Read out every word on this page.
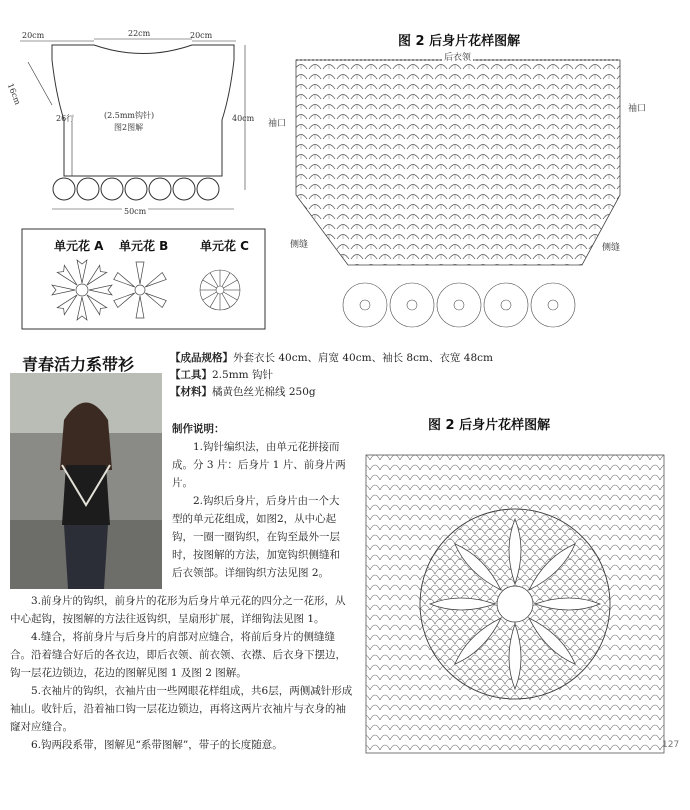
20cm	22cm	20cm
16cm
26行	40cm
50cm
(2.5mm钩针)
图2图解
单元花 A 单元花 B	单元花 C
图 2 后身片花样图解
后衣领
袖口
袖口
侧缝	侧缝
青春活力系带衫	【成品规格】外套衣长 40cm、肩宽 40cm、袖长 8cm、衣宽 48cm
【工具】2.5mm 钩针
【材料】橘黄色丝光棉线 250g
制作说明：

1.钩针编织法，由单元花拼接而成。分 3 片：后身片 1 片、前身片两片。

2.钩织后身片，后身片由一个大型的单元花组成，如图2，从中心起钩，一圈一圈钩织，在钩至最外一层时，按图解的方法，加宽钩织侧缝和后衣领部。详细钩织方法见图 2。

3.前身片的钩织，前身片的花形为后身片单元花的四分之一花形，从中心起钩，按图解的方法往返钩织，呈扇形扩展，详细钩法见图 1。

4.缝合，将前身片与后身片的肩部对应缝合，将前后身片的侧缝缝合。沿着缝合好后的各衣边，即后衣领、前衣领、衣襟、后衣身下摆边，钩一层花边锁边，花边的图解见图 1 及图 2 图解。

5.衣袖片的钩织，衣袖片由一些网眼花样组成，共6层，两侧减针形成袖山。收针后，沿着袖口钩一层花边锁边，再将这两片衣袖片与衣身的袖窿对应缝合。

6.钩两段系带，图解见“系带图解”，带子的长度随意。

图 2 后身片花样图解
127
